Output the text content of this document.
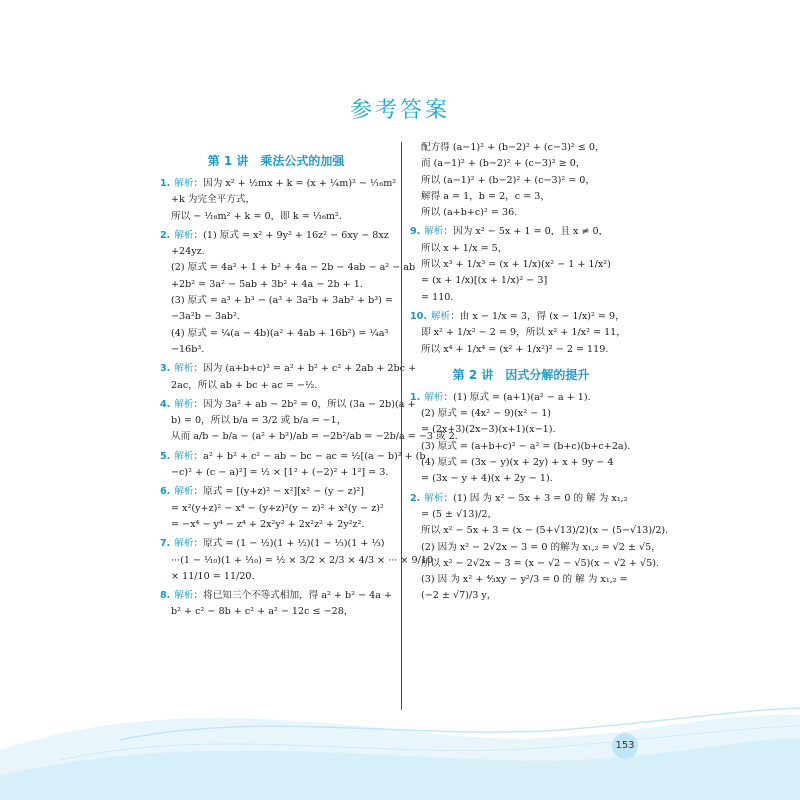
参考答案
第 1 讲　乘法公式的加强
1. 解析：因为 x² + ½mx + k = (x + ¼m)² − ¹⁄₁₆m²
+k 为完全平方式，
所以 − ¹⁄₁₆m² + k = 0，即 k = ¹⁄₁₆m².
2. 解析：(1) 原式 = x² + 9y² + 16z² − 6xy − 8xz
+24yz.
(2) 原式 = 4a² + 1 + b² + 4a − 2b − 4ab − a² − ab
+2b² = 3a² − 5ab + 3b² + 4a − 2b + 1.
(3) 原式 = a³ + b³ − (a³ + 3a²b + 3ab² + b³) =
−3a²b − 3ab².
(4) 原式 = ¼(a − 4b)(a² + 4ab + 16b²) = ¼a³
−16b³.
3. 解析：因为 (a+b+c)² = a² + b² + c² + 2ab + 2bc +
2ac，所以 ab + bc + ac = −½.
4. 解析：因为 3a² + ab − 2b² = 0，所以 (3a − 2b)(a +
b) = 0，所以 b/a = 3/2 或 b/a = −1，
从而 a/b − b/a − (a² + b²)/ab = −2b²/ab = −2b/a = −3 或 2.
5. 解析：a² + b² + c² − ab − bc − ac = ½[(a − b)² + (b
−c)² + (c − a)²] = ½ × [1² + (−2)² + 1²] = 3.
6. 解析：原式 = [(y+z)² − x²][x² − (y − z)²]
= x²(y+z)² − x⁴ − (y+z)²(y − z)² + x²(y − z)²
= −x⁴ − y⁴ − z⁴ + 2x²y² + 2x²z² + 2y²z².
7. 解析：原式 = (1 − ½)(1 + ½)(1 − ⅓)(1 + ⅓)
···(1 − ¹⁄₁₀)(1 + ¹⁄₁₀) = ½ × 3/2 × 2/3 × 4/3 × ··· × 9/10
× 11/10 = 11/20.
8. 解析：将已知三个不等式相加，得 a² + b² − 4a +
b² + c² − 8b + c² + a² − 12c ≤ −28，
配方得 (a−1)² + (b−2)² + (c−3)² ≤ 0，
而 (a−1)² + (b−2)² + (c−3)² ≥ 0，
所以 (a−1)² + (b−2)² + (c−3)² = 0，
解得 a = 1，b = 2，c = 3，
所以 (a+b+c)² = 36.
9. 解析：因为 x² − 5x + 1 = 0，且 x ≠ 0，
所以 x + 1/x = 5，
所以 x³ + 1/x³ = (x + 1/x)(x² − 1 + 1/x²)
= (x + 1/x)[(x + 1/x)² − 3]
= 110.
10. 解析：由 x − 1/x = 3，得 (x − 1/x)² = 9，
即 x² + 1/x² − 2 = 9，所以 x² + 1/x² = 11，
所以 x⁴ + 1/x⁴ = (x² + 1/x²)² − 2 = 119.
第 2 讲　因式分解的提升
1. 解析：(1) 原式 = (a+1)(a² − a + 1).
(2) 原式 = (4x² − 9)(x² − 1)
= (2x+3)(2x−3)(x+1)(x−1).
(3) 原式 = (a+b+c)² − a² = (b+c)(b+c+2a).
(4) 原式 = (3x − y)(x + 2y) + x + 9y − 4
= (3x − y + 4)(x + 2y − 1).
2. 解析：(1) 因 为 x² − 5x + 3 = 0 的 解 为 x₁,₂
= (5 ± √13)/2，
所以 x² − 5x + 3 = (x − (5+√13)/2)(x − (5−√13)/2).
(2) 因为 x² − 2√2x − 3 = 0 的解为 x₁,₂ = √2 ± √5，
所以 x² − 2√2x − 3 = (x − √2 − √5)(x − √2 + √5).
(3) 因 为 x² + ⁴⁄₃xy − y²/3 = 0 的 解 为 x₁,₂ =
(−2 ± √7)/3 y，
153
